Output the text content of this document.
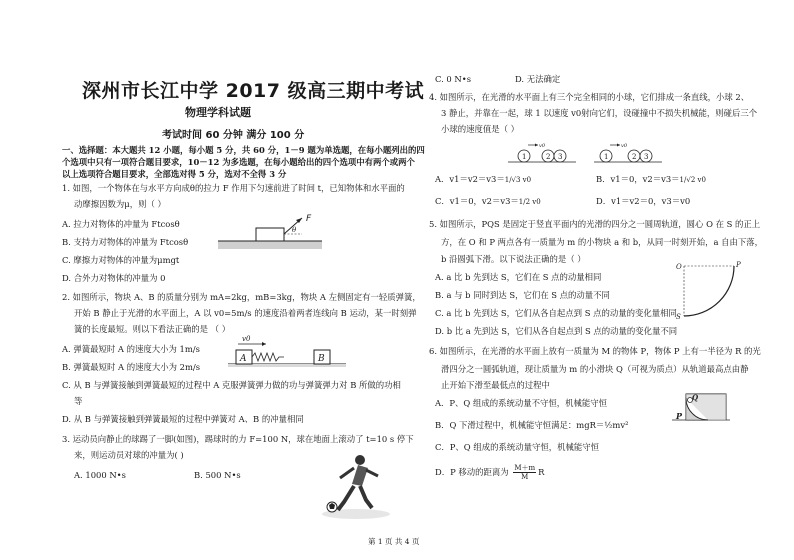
深州市长江中学 2017 级高三期中考试
物理学科试题
考试时间 60 分钟 满分 100 分
一、选择题：本大题共 12 小题，每小题 5 分，共 60 分，1－9 题为单选题，在每小题列出的四
个选项中只有一项符合题目要求，10－12 为多选题，在每小题给出的四个选项中有两个或两个
以上选项符合题目要求，全部选对得 5 分，选对不全得 3 分
1. 如图，一个物体在与水平方向成θ的拉力 F 作用下匀速前进了时间 t，已知物体和水平面的
动摩擦因数为μ，则（ ）
A. 拉力对物体的冲量为 Ftcosθ
B. 支持力对物体的冲量为 Ftcosθ
C. 摩擦力对物体的冲量为μmgt
D. 合外力对物体的冲量为 0
F
θ
2. 如图所示，物块 A、B 的质量分别为 mA=2kg，mB=3kg，物块 A 左侧固定有一轻质弹簧，
开始 B 静止于光滑的水平面上，A 以 v0=5m/s 的速度沿着两者连线向 B 运动，某一时刻弹
簧的长度最短。则以下看法正确的是 （ ）
A. 弹簧最短时 A 的速度大小为 1m/s
B. 弹簧最短时 A 的速度大小为 2m/s
C. 从 B 与弹簧接触到弹簧最短的过程中 A 克服弹簧弹力做的功与弹簧弹力对 B 所做的功相
等
D. 从 B 与弹簧接触到弹簧最短的过程中弹簧对 A、B 的冲量相同
A
v0
B
3. 运动员向静止的球踢了一脚(如图)，踢球时的力 F=100 N，球在地面上滚动了 t=10 s 停下
来，则运动员对球的冲量为( )
A. 1000 N•s	B. 500 N•s
C. 0 N•s	D. 无法确定
4. 如图所示，在光滑的水平面上有三个完全相同的小球，它们排成一条直线，小球 2、
3 静止，并靠在一起，球 1 以速度 v0射向它们，设碰撞中不损失机械能，则碰后三个
小球的速度值是（ ）
1	2 3
v0
1	2 3
v0
A．v1＝v2＝v3＝1/√3 v0	B．v1＝0，v2＝v3＝1/√2 v0
C．v1＝0，v2＝v3＝1/2 v0	D．v1＝v2＝0，v3＝v0
5. 如图所示，PQS 是固定于竖直平面内的光滑的四分之一圆周轨道，圆心 O 在 S 的正上
方，在 O 和 P 两点各有一质量为 m 的小物块 a 和 b，从同一时刻开始，a 自由下落，
b 沿圆弧下滑。以下说法正确的是（ ）
A. a 比 b 先到达 S，它们在 S 点的动量相同
B. a 与 b 同时到达 S，它们在 S 点的动量不同
C. a 比 b 先到达 S，它们从各自起点到 S 点的动量的变化量相同
D. b 比 a 先到达 S，它们从各自起点到 S 点的动量的变化量不同
O	P
S
6. 如图所示，在光滑的水平面上放有一质量为 M 的物体 P，物体 P 上有一半径为 R 的光
滑四分之一圆弧轨道，现让质量为 m 的小滑块 Q（可视为质点）从轨道最高点由静
止开始下滑至最低点的过程中
A．P、Q 组成的系统动量不守恒，机械能守恒
B．Q 下滑过程中，机械能守恒满足：mgR＝½mv²
C．P、Q 组成的系统动量守恒，机械能守恒
D．P 移动的距离为 $\frac{M+m}{M}$ R
Q
P
第 1 页 共 4 页
